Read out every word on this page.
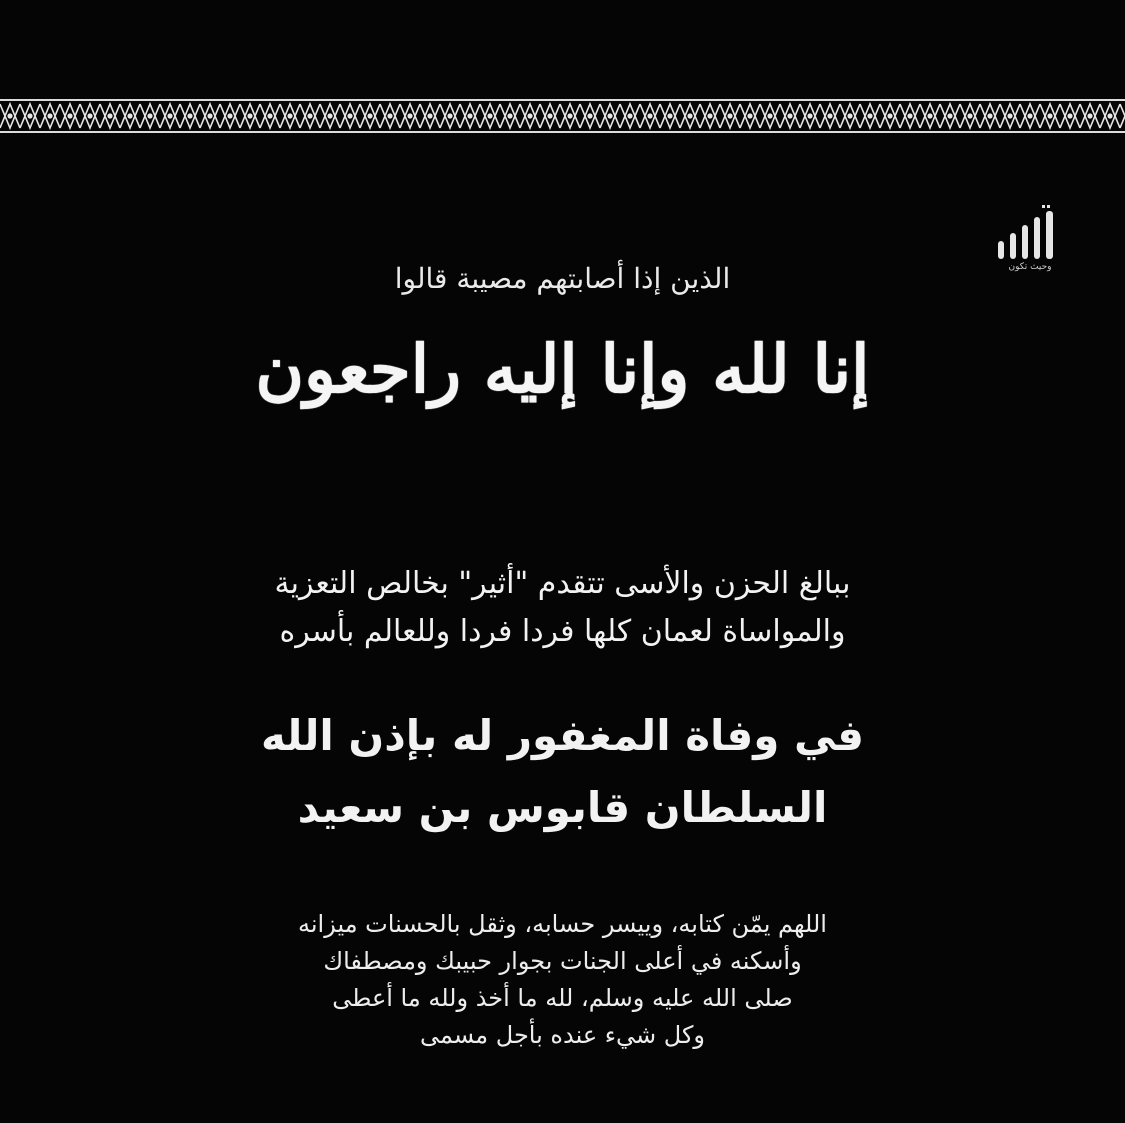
وحيث تكون
الذين إذا أصابتهم مصيبة قالوا
إنا لله وإنا إليه راجعون
ببالغ الحزن والأسى تتقدم "أثير" بخالص التعزية
والمواساة لعمان كلها فردا فردا وللعالم بأسره
في وفاة المغفور له بإذن الله
السلطان قابوس بن سعيد
اللهم يمّن كتابه، وييسر حسابه، وثقل بالحسنات ميزانه
وأسكنه في أعلى الجنات بجوار حبيبك ومصطفاك
صلى الله عليه وسلم، لله ما أخذ ولله ما أعطى
وكل شيء عنده بأجل مسمى
